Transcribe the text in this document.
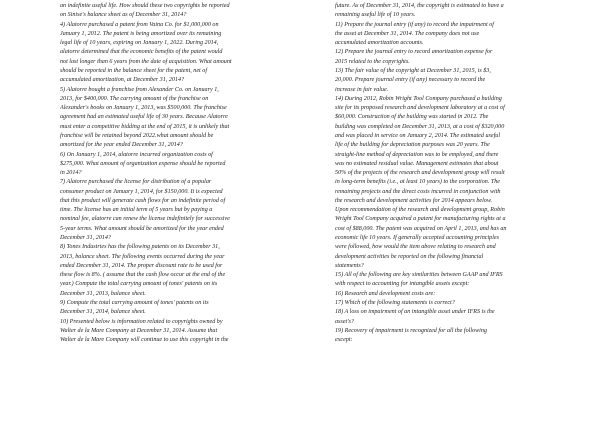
an indefinite useful life. How should these two copyrights be reported

on Sinise's balance sheet as of December 31, 2014?

4) Alatorre purchased a patent from Vaina Co. for $1,000,000 on

January 1, 2012. The patent is being amortized over its remaining

legal life of 10 years, expiring on January 1, 2022. During 2014,

alatorre determined that the economic benefits of the patent would

not last longer than 6 years from the date of acquisition. What amount

should be reported in the balance sheet for the patent, net of

accumulated amortization, at December 31, 2014?

5) Alatorre bought a franchise from Alexander Co. on January 1,

2013, for $400,000. The carrying amount of the franchise on

Alexander's books on January 1, 2013, was $500,000. The franchise

agreement had an estimated useful life of 30 years. Because Alatorre

must enter a competitive bidding at the end of 2015, it is unlikely that

franchise will be retained beyond 2022.what amount should be

amortized for the year ended December 31, 2014?

6) On January 1, 2014, alatorre incurred organization costs of

$275,000. What amount of organization expense should be reported

in 2014?

7) Alatorre purchased the license for distribution of a popular

consumer product on January 1, 2014, for $150,000. It is expected

that this product will generate cash flows for an indefinite period of

time. The license has an initial term of 5 years but by paying a

nominal fee, alatorre can renew the license indefinitely for successive

5-year terms. What amount should be amortized for the year ended

December 31, 2014?

8) Tones Industries has the following patents on its December 31,

2013, balance sheet. The following events occurred during the year

ended December 31, 2014. The proper discount rate to be used for

these flow is 8%. ( assume that the cash flow occur at the end of the

year.) Compute the total carrying amount of tones' patents on its

December 31, 2013, balance sheet.

9) Compute the total carrying amount of tones' patents on its

December 31, 2014, balance sheet.

10) Presented below is information related to copyrights owned by

Walter de la Mare Company at December 31, 2014. Assume that

Walter de la Mare Company will continue to use this copyright in the

future. As of December 31, 2014, the copyright is estimated to have a

remaining useful life of 10 years.

11) Prepare the journal entry (if any) to record the impairment of

the asset at December 31, 2014. The company does not use

accumulated amortization accounts.

12) Prepare the journal entry to record amortization expense for

2015 related to the copyrights.

13) The fair value of the copyright at December 31, 2015, is $3,

20,000. Prepare journal entry (if any) necessary to record the

increase in fair value.

14) During 2012, Robin Wright Tool Company purchased a building

site for its proposed research and development laboratory at a cost of

$60,000. Construction of the building was started in 2012. The

building was completed on December 31, 2013, at a cost of $320,000

and was placed in service on January 2, 2014. The estimated useful

life of the building for depreciation purposes was 20 years. The

straight-line method of depreciation was to be employed, and there

was no estimated residual value. Management estimates that about

50% of the projects of the research and development group will result

in long-term benefits (i.e., at least 10 years) to the corporation. The

remaining projects and the direct costs incurred in conjunction with

the research and development activities for 2014 appears below.

Upon recommendation of the research and development group, Robin

Wright Tool Company acquired a patent for manufacturing rights at a

cost of $88,000. The patent was acquired on April 1, 2013, and has an

economic life 10 years. If generally accepted accounting principles

were followed, how would the item above relating to research and

development activities be reported on the following financial

statements?

15) All of the following are key similarities between GAAP and IFRS

with respect to accounting for intangible assets except:

16) Research and development costs are:

17) Which of the following statements is correct?

18) A loss on impairment of an intangible asset under IFRS is the

asset's?

19) Recovery of impairment is recognized for all the following

except:
